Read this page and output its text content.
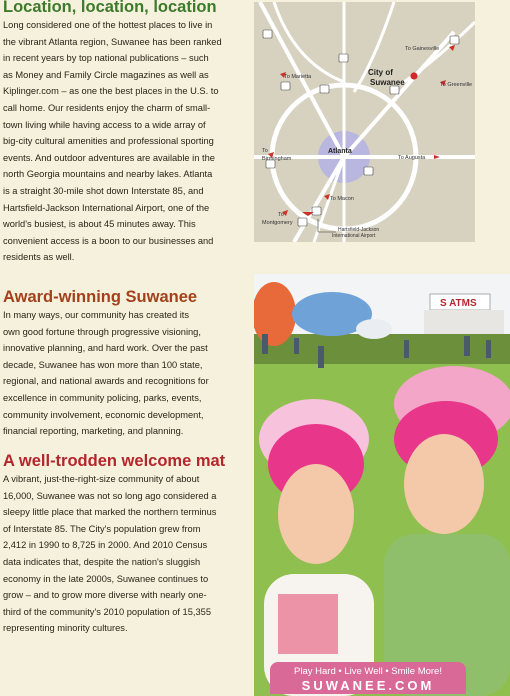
Location, location, location
Long considered one of the hottest places to live in
the vibrant Atlanta region, Suwanee has been ranked
in recent years by top national publications – such
as Money and Family Circle magazines as well as
Kiplinger.com – as one the best places in the U.S. to
call home. Our residents enjoy the charm of small-
town living while having access to a wide array of
big-city cultural amenities and professional sporting
events. And outdoor adventures are available in the
north Georgia mountains and nearby lakes. Atlanta
is a straight 30-mile shot down Interstate 85, and
Hartsfield-Jackson International Airport, one of the
world's busiest, is about 45 minutes away. This
convenient access is a boon to our businesses and
residents as well.
Award-winning Suwanee
In many ways, our community has created its
own good fortune through progressive visioning,
innovative planning, and hard work. Over the past
decade, Suwanee has won more than 100 state,
regional, and national awards and recognitions for
excellence in community policing, parks, events,
community involvement, economic development,
financial reporting, marketing, and planning.
A well-trodden welcome mat
A vibrant, just-the-right-size community of about
16,000, Suwanee was not so long ago considered a
sleepy little place that marked the northern terminus
of Interstate 85. The City's population grew from
2,412 in 1990 to 8,725 in 2000. And 2010 Census
data indicates that, despite the nation's sluggish
economy in the late 2000s, Suwanee continues to
grow – and to grow more diverse with nearly one-
third of the community's 2010 population of 15,355
representing minority cultures.
To Gainesville
To Marietta	City of
Suwanee	To Greenville
To
Birmingham
Atlanta
To Augusta
To Macon
To
Montgomery
Hartsfield-Jackson
International Airport
S ATMS
Play Hard • Live Well • Smile More!
SUWANEE.COM
